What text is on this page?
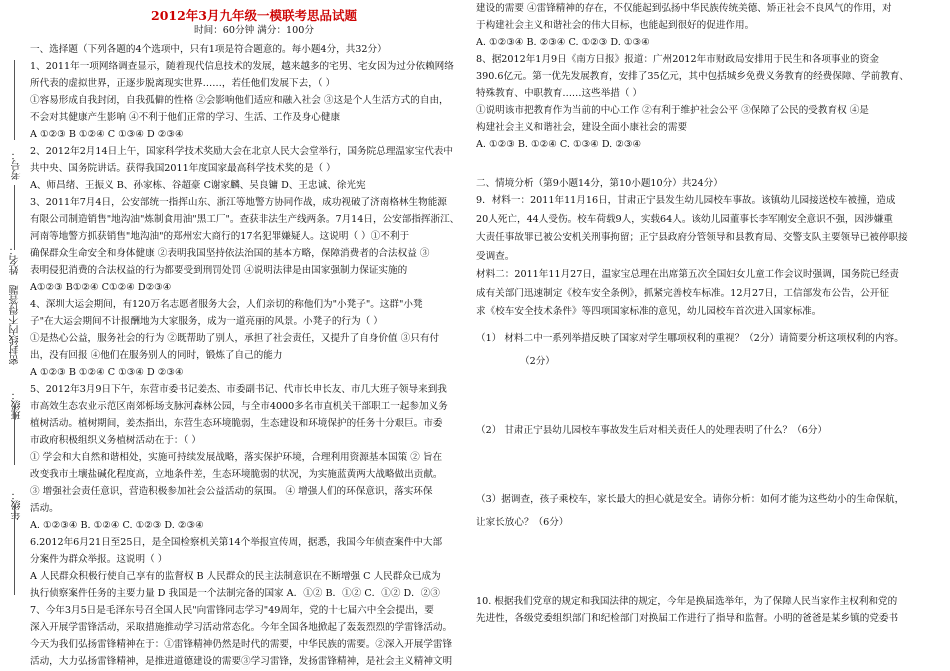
考号：
姓名：
密封线内不得答题
班级：
年级：
2012年3月九年级一模联考思品试题
时间：60分钟 满分：100分
一、选择题（下列各题的4个选项中，只有1项是符合题意的。每小题4分，共32分）
1、2011年一项网络调查显示，随着现代信息技术的发展，越来越多的宅男、宅女因为过分依赖网络
所代表的虚拟世界，正逐步脱离现实世界……，若任他们发展下去，（ ）
①容易形成自我封闭，自我孤僻的性格 ②会影响他们适应和融入社会 ③这是个人生活方式的自由，
不会对其健康产生影响 ④不利于他们正常的学习、生活、工作及身心健康
A ①②③ B ①②④ C ①③④ D ②③④
2、2012年2月14日上午，国家科学技术奖励大会在北京人民大会堂举行，国务院总理温家宝代表中
共中央、国务院讲话。获得我国2011年度国家最高科学技术奖的是（ ）
A、师昌绪、王振义 B、孙家栋、谷超豪 C谢家麟、吴良镛 D、王忠诚、徐光宪
3、2011年7月4日，公安部统一指挥山东、浙江等地警方协同作战，成功视破了济南格林生物能源
有限公司制造销售"地沟油"炼制食用油"黑工厂"。查获非法生产线两条。7月14日，公安部指挥浙江、
河南等地警方抓获销售"地沟油"的郑州宏大商行的17名犯罪嫌疑人。这说明（ ）①不利于
确保群众生命安全和身体健康 ②表明我国坚持依法治国的基本方略，保障消费者的合法权益 ③
表明侵犯消费的合法权益的行为都要受到刑罚处罚 ④说明法律是由国家强制力保证实施的
A①②③ B①②④ C①②④ D②③④
4、深圳大运会期间，有120万名志愿者服务大会，人们亲切的称他们为"小凳子"。这群"小凳
子"在大运会期间不计报酬地为大家服务，成为一道亮丽的风景。小凳子的行为（ ）
①是热心公益，服务社会的行为 ②既帮助了别人，承担了社会责任，又提升了自身价值 ③只有付
出，没有回报 ④他们在服务别人的同时，锻炼了自己的能力
A ①②③ B ①②④ C ①③④ D ②③④
5、2012年3月9日下午，东营市委书记姜杰、市委副书记、代市长申长友、市几大班子领导来到我
市高效生态农业示范区南郊栎场支脉河森林公园，与全市4000多名市直机关干部职工一起参加义务
植树活动。植树期间，姜杰指出，东营生态环境脆弱，生态建设和环境保护的任务十分艰巨。市委
市政府积极组织义务植树活动在于：（ ）
① 学会和大自然和谐相处，实施可持续发展战略，落实保护环境，合理利用资源基本国策 ② 旨在
改变我市土壤盐碱化程度高，立地条件差，生态环境脆弱的状况，为实施蓝黄两大战略做出贡献。
③ 增强社会责任意识，营造积极参加社会公益活动的氛围。 ④ 增强人们的环保意识，落实环保
活动。
A. ①②③④ B. ①②④ C. ①②③ D. ②③④
6.2012年6月21日至25日，是全国检察机关第14个举报宣传周，据悉，我国今年侦查案件中大部
分案件为群众举报。这说明（ ）
A 人民群众积极行使自己享有的监督权 B 人民群众的民主法制意识在不断增强 C 人民群众已成为
执行侦察案件任务的主要力量 D 我国是一个法制完备的国家 A．①② B．①② C．①② D．②③
7、今年3月5日是毛泽东号召全国人民"向雷锋同志学习"49周年，党的十七届六中全会提出，要
深入开展学雷锋活动，采取措施推动学习活动常态化。今年全国各地掀起了轰轰烈烈的学雷锋活动。
今天为我们弘扬雷锋精神在于：①雷锋精神仍然是时代的需要，中华民族的需要。②深入开展学雷锋
活动，大力弘扬雷锋精神，是推进道德建设的需要③学习雷锋，发扬雷锋精神，是社会主义精神文明
建设的需要 ④雷锋精神的存在，不仅能起到弘扬中华民族传统美德、矫正社会不良风气的作用，对
于构建社会主义和谐社会的伟大目标，也能起到很好的促进作用。
A. ①②③④ B. ②③④ C. ①②③ D. ①③④
8、据2012年1月9日《南方日报》报道：广州2012年市财政局安排用于民生和各项事业的资金
390.6亿元。第一优先发展教育，安排了35亿元，其中包括城乡免费义务教育的经费保障、学前教育、
特殊教育、中职教育……这些举措（ ）
①说明该市把教育作为当前的中心工作 ②有利于维护社会公平 ③保障了公民的受教育权 ④是
构建社会主义和谐社会，建设全面小康社会的需要
A. ①②③ B. ①②④ C. ①③④ D. ②③④
二、情境分析（第9小题14分，第10小题10分）共24分）
9．材料一：2011年11月16日，甘肃正宁县发生幼儿园校车事故。该镇幼儿园接送校车被撞，造成
20人死亡，44人受伤。校车荷载9人，实载64人。该幼儿园董事长李军刚安全意识不强，因涉嫌重
大责任事故罪已被公安机关刑事拘留；正宁县政府分管领导和县教育局、交警支队主要领导已被停职接
受调查。
材料二：2011年11月27日，温家宝总理在出席第五次全国妇女儿童工作会议时强调，国务院已经责
成有关部门迅速制定《校车安全条例》，抓紧完善校车标准。12月27日，工信部发布公告，公开征
求《校车安全技术条件》等四项国家标准的意见，幼儿园校车首次进入国家标准。
（1） 材料二中一系列举措反映了国家对学生哪项权利的重视？（2分）请简要分析这项权利的内容。
（2分）
（2） 甘肃正宁县幼儿园校车事故发生后对相关责任人的处理表明了什么？（6分）
（3）据调查，孩子乘校车，家长最大的担心就是安全。请你分析：如何才能为这些幼小的生命保航，
让家长放心？（6分）
10. 根据我们党章的规定和我国法律的规定，今年是换届选举年，为了保障人民当家作主权利和党的
先进性，各级党委组织部门和纪检部门对换届工作进行了指导和监督。小明的爸爸是某乡镇的党委书
